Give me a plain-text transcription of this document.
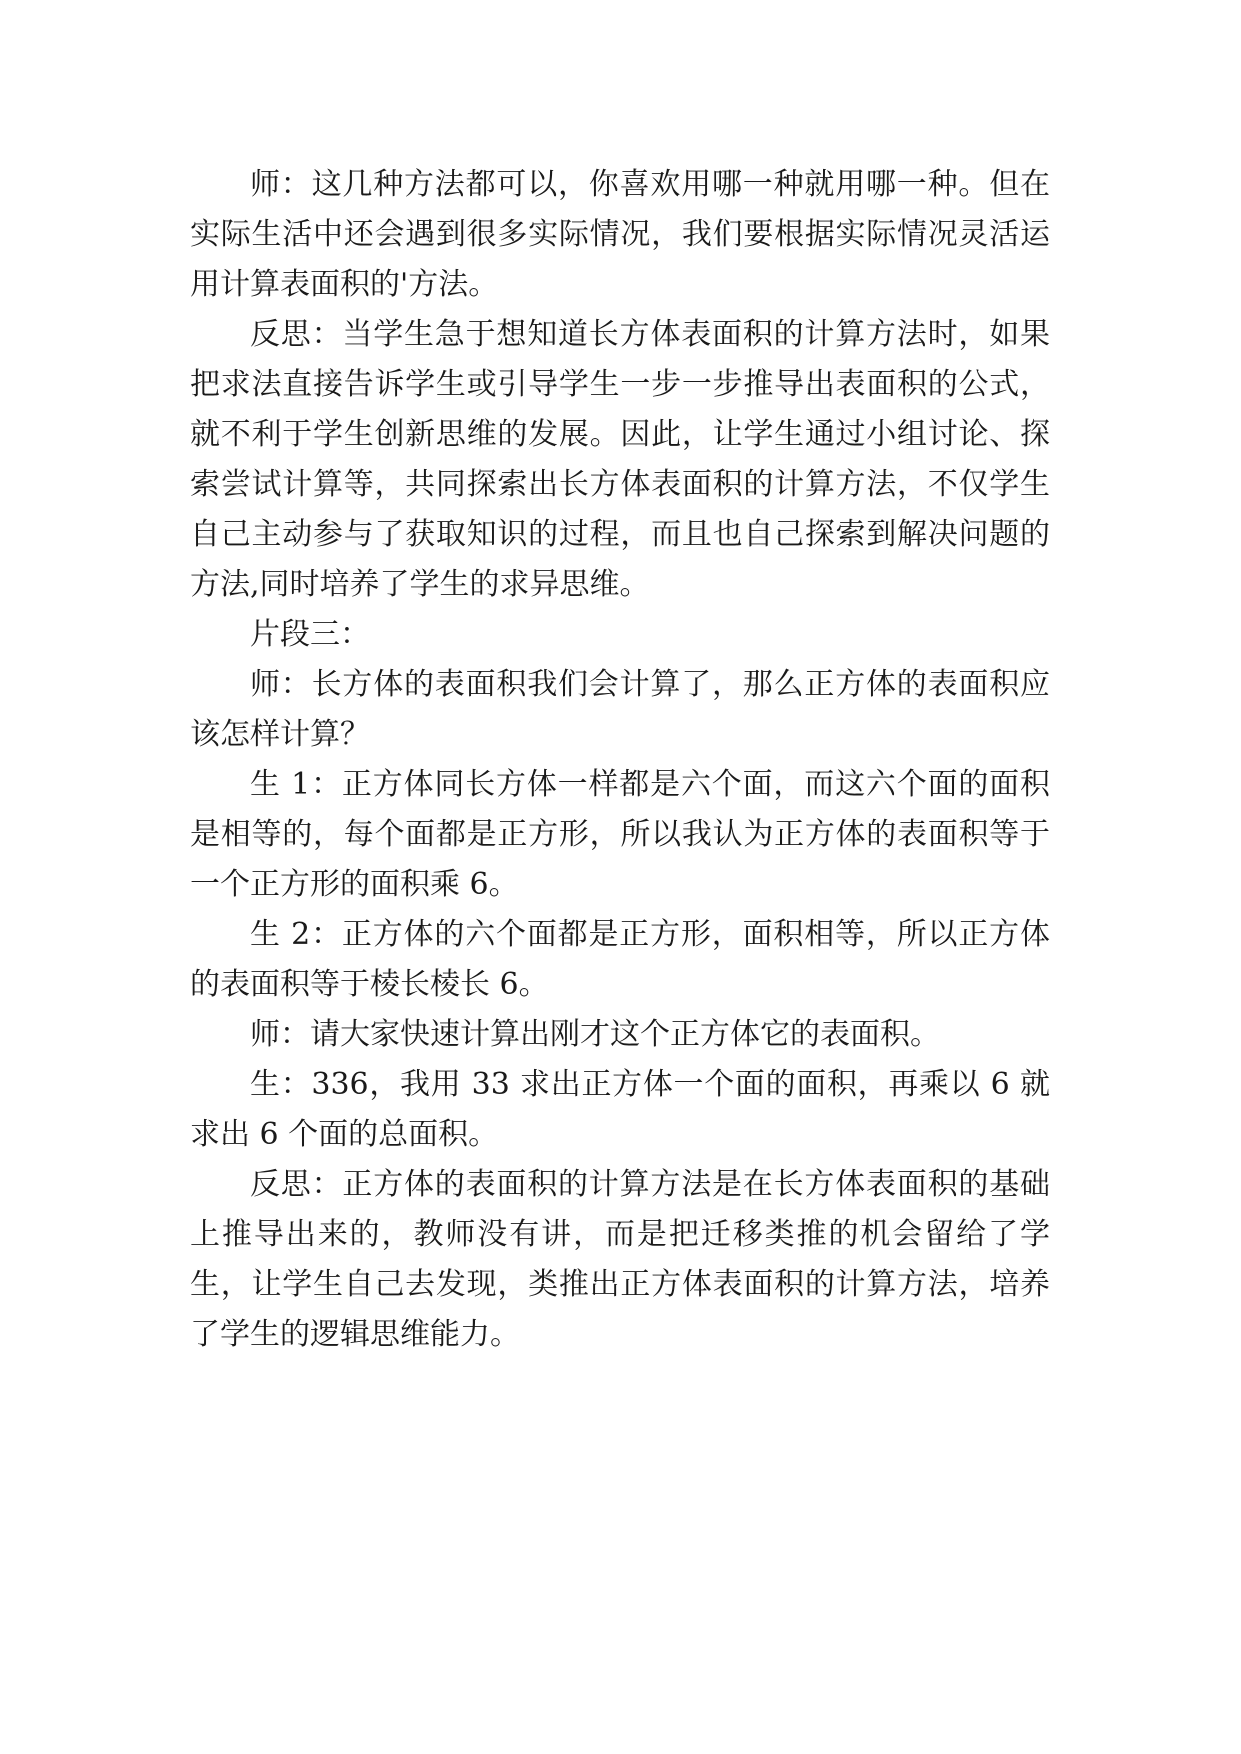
师：这几种方法都可以，你喜欢用哪一种就用哪一种。但在实际生活中还会遇到很多实际情况，我们要根据实际情况灵活运用计算表面积的'方法。

反思：当学生急于想知道长方体表面积的计算方法时，如果把求法直接告诉学生或引导学生一步一步推导出表面积的公式，就不利于学生创新思维的发展。因此，让学生通过小组讨论、探索尝试计算等，共同探索出长方体表面积的计算方法，不仅学生自己主动参与了获取知识的过程，而且也自己探索到解决问题的方法,同时培养了学生的求异思维。

片段三：

师：长方体的表面积我们会计算了，那么正方体的表面积应该怎样计算？

生 1：正方体同长方体一样都是六个面，而这六个面的面积是相等的，每个面都是正方形，所以我认为正方体的表面积等于一个正方形的面积乘 6。

生 2：正方体的六个面都是正方形，面积相等，所以正方体的表面积等于棱长棱长 6。

师：请大家快速计算出刚才这个正方体它的表面积。

生：336，我用 33 求出正方体一个面的面积，再乘以 6 就求出 6 个面的总面积。

反思：正方体的表面积的计算方法是在长方体表面积的基础上推导出来的，教师没有讲，而是把迁移类推的机会留给了学生，让学生自己去发现，类推出正方体表面积的计算方法，培养了学生的逻辑思维能力。
